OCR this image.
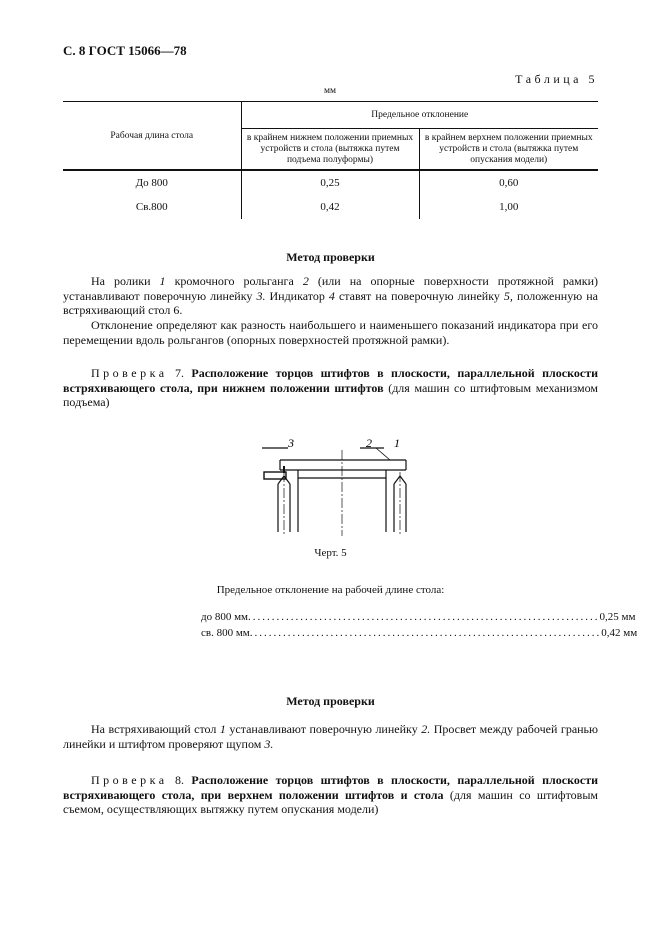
С. 8 ГОСТ 15066—78
Таблица 5
мм
Рабочая длина стола	Предельное отклонение	
	в крайнем нижнем положении приемных устройств и стола (вытяжка путем подъема полуформы)	в крайнем верхнем положении приемных устройств и стола (вытяжка путем опускания модели)
До 800	0,25	0,60
Св.800	0,42	1,00
Метод проверки
На ролики 1 кромочного рольганга 2 (или на опорные поверхности протяжной рамки) устанавливают поверочную линейку 3. Индикатор 4 ставят на поверочную линейку 5, положенную на встряхивающий стол 6.
Отклонение определяют как разность наибольшего и наименьшего показаний индикатора при его перемещении вдоль рольгангов (опорных поверхностей протяжной рамки).
Проверка 7. Расположение торцов штифтов в плоскости, параллельной плоскости встряхивающего стола, при нижнем положении штифтов (для машин со штифтовым механизмом подъема)
3	2 1
Черт. 5
Предельное отклонение на рабочей длине стола:
до 800 мм .......................................................................... 0,25 мм
св. 800 мм .......................................................................... 0,42 мм
Метод проверки
На встряхивающий стол 1 устанавливают поверочную линейку 2. Просвет между рабочей гранью линейки и штифтом проверяют щупом 3.
Проверка 8. Расположение торцов штифтов в плоскости, параллельной плоскости встряхивающего стола, при верхнем положении штифтов и стола (для машин со штифтовым съемом, осуществляющих вытяжку путем опускания модели)
